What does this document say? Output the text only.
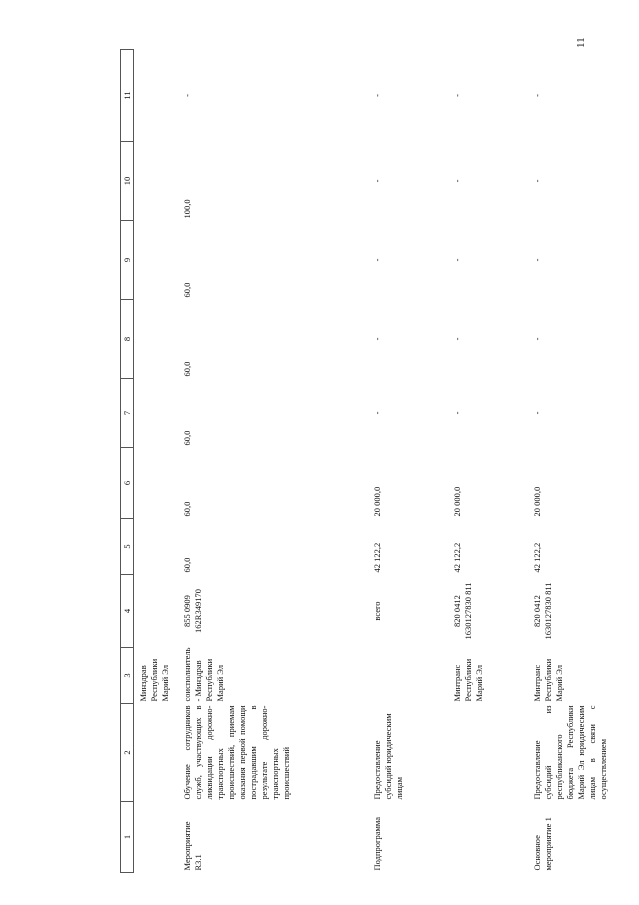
11
1	2	3	4	5	6	7	8	9	10	11
		Минздрав Республики Марий Эл								
Мероприятие R3.1	Обучение сотрудников служб, участвующих в ликвидации дорожно-транспортных происшествий, приемам оказания первой помощи пострадавшим в результате дорожно-транспортных происшествий	соисполнитель - Минздрав Республики Марий Эл	855 0909 162R349170	60,0	60,0	60,0	60,0	60,0	100,0	-
Подпрограмма	Предоставление субсидий юридическим лицам		всего	42 122,2	20 000,0	-	-	-	-	-
		Минтранс Республики Марий Эл	820 0412 1630127830 811	42 122,2	20 000,0	-	-	-	-	-
Основное мероприятие 1	Предоставление субсидий из республиканского бюджета Республики Марий Эл юридическим лицам в связи с осуществлением	Минтранс Республики Марий Эл	820 0412 1630127830 811	42 122,2	20 000,0	-	-	-	-	-
